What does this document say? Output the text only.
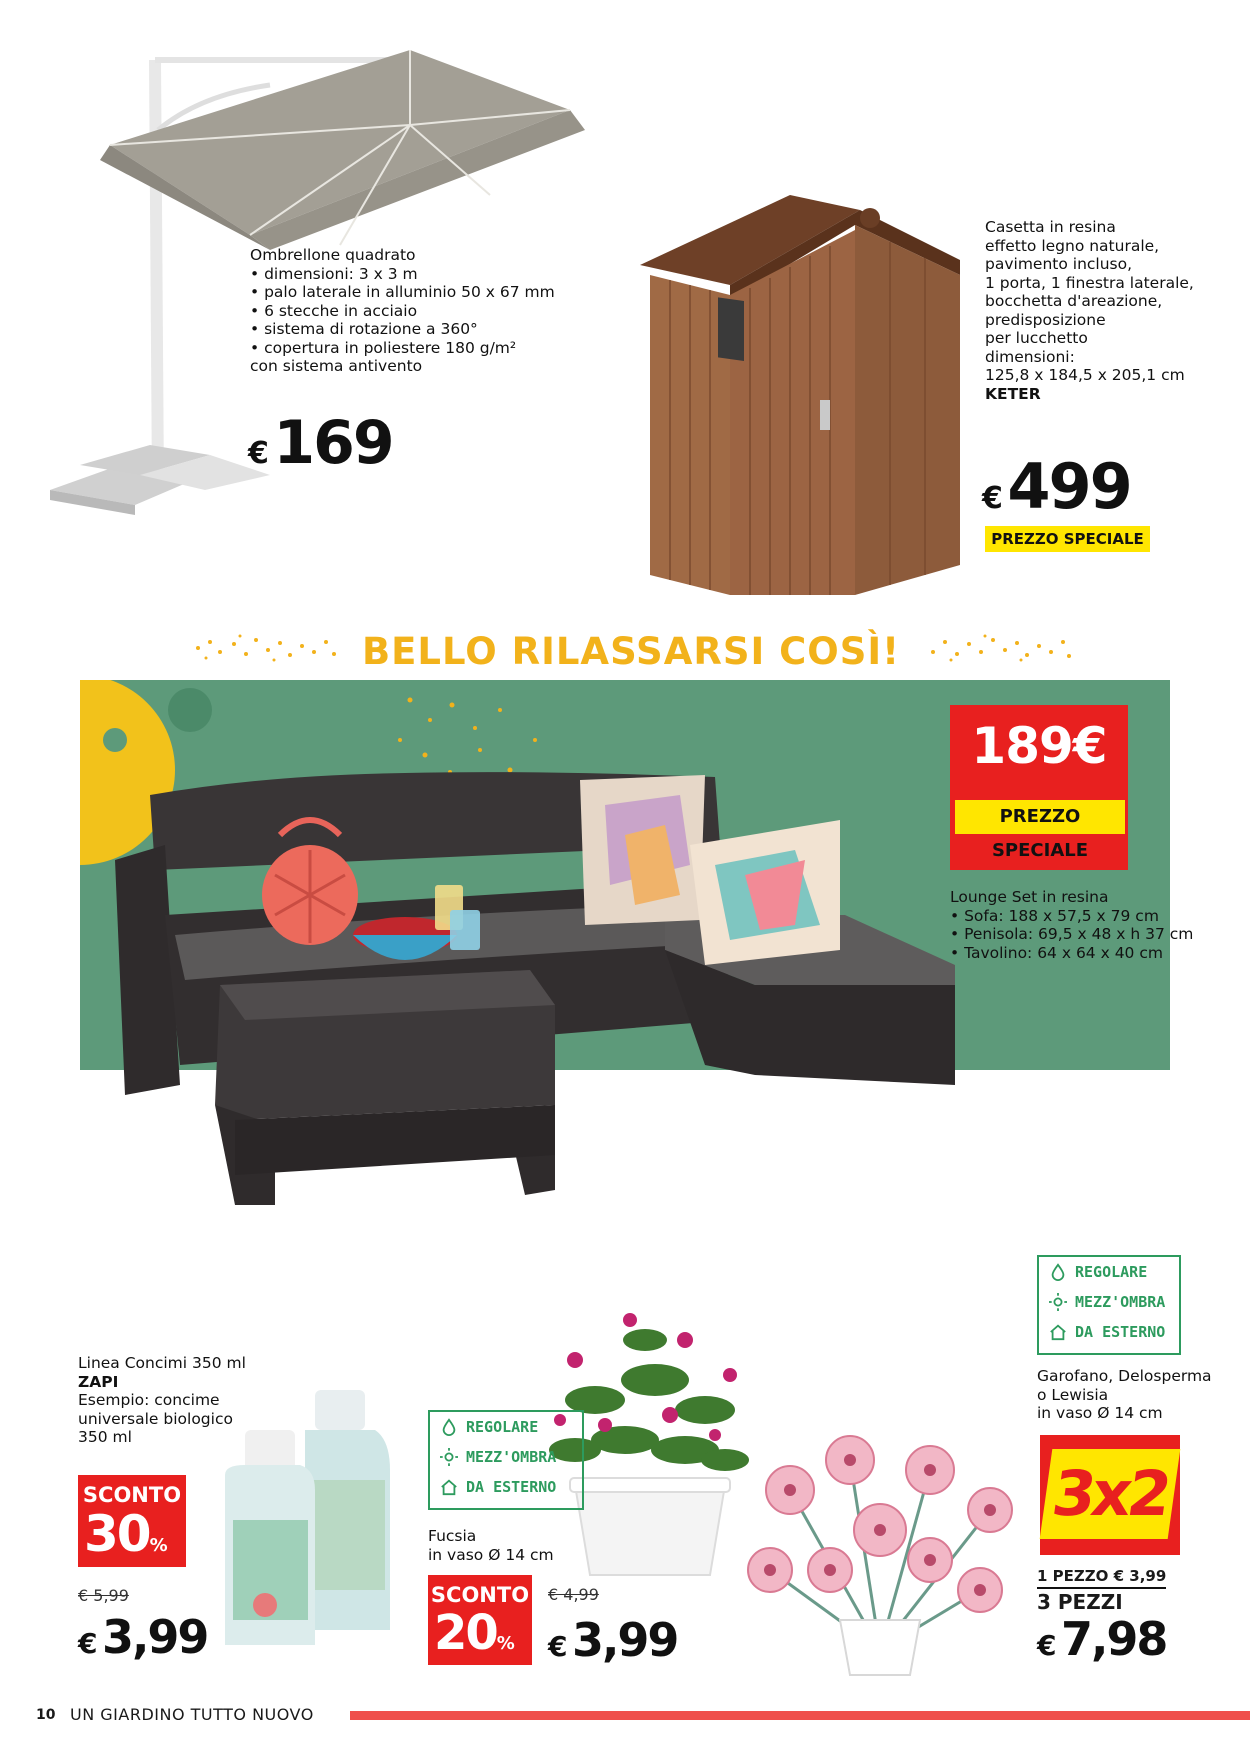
Ombrellone quadrato
• dimensioni: 3 x 3 m
• palo laterale in alluminio 50 x 67 mm
• 6 stecche in acciaio
• sistema di rotazione a 360°
• copertura in poliestere 180 g/m²
con sistema antivento
€ 169
Casetta in resina
effetto legno naturale,
pavimento incluso,
1 porta, 1 finestra laterale,
bocchetta d'areazione,
predisposizione
per lucchetto
dimensioni:
125,8 x 184,5 x 205,1 cm
KETER
€ 499
PREZZO SPECIALE
BELLO RILASSARSI COSÌ!
189€
PREZZO SPECIALE
Lounge Set in resina
• Sofa: 188 x 57,5 x 79 cm
• Penisola: 69,5 x 48 x h 37 cm
• Tavolino: 64 x 64 x 40 cm
Linea Concimi 350 ml
ZAPI
Esempio: concime
universale biologico
350 ml
SCONTO
30%
€ 5,99
€ 3,99
REGOLARE
MEZZ'OMBRA
DA ESTERNO
Fucsia
in vaso Ø 14 cm
SCONTO
20%
€ 4,99
€ 3,99
REGOLARE
MEZZ'OMBRA
DA ESTERNO
Garofano, Delosperma
o Lewisia
in vaso Ø 14 cm
3x2
1 PEZZO € 3,99
3 PEZZI
€ 7,98
10 UN GIARDINO TUTTO NUOVO
